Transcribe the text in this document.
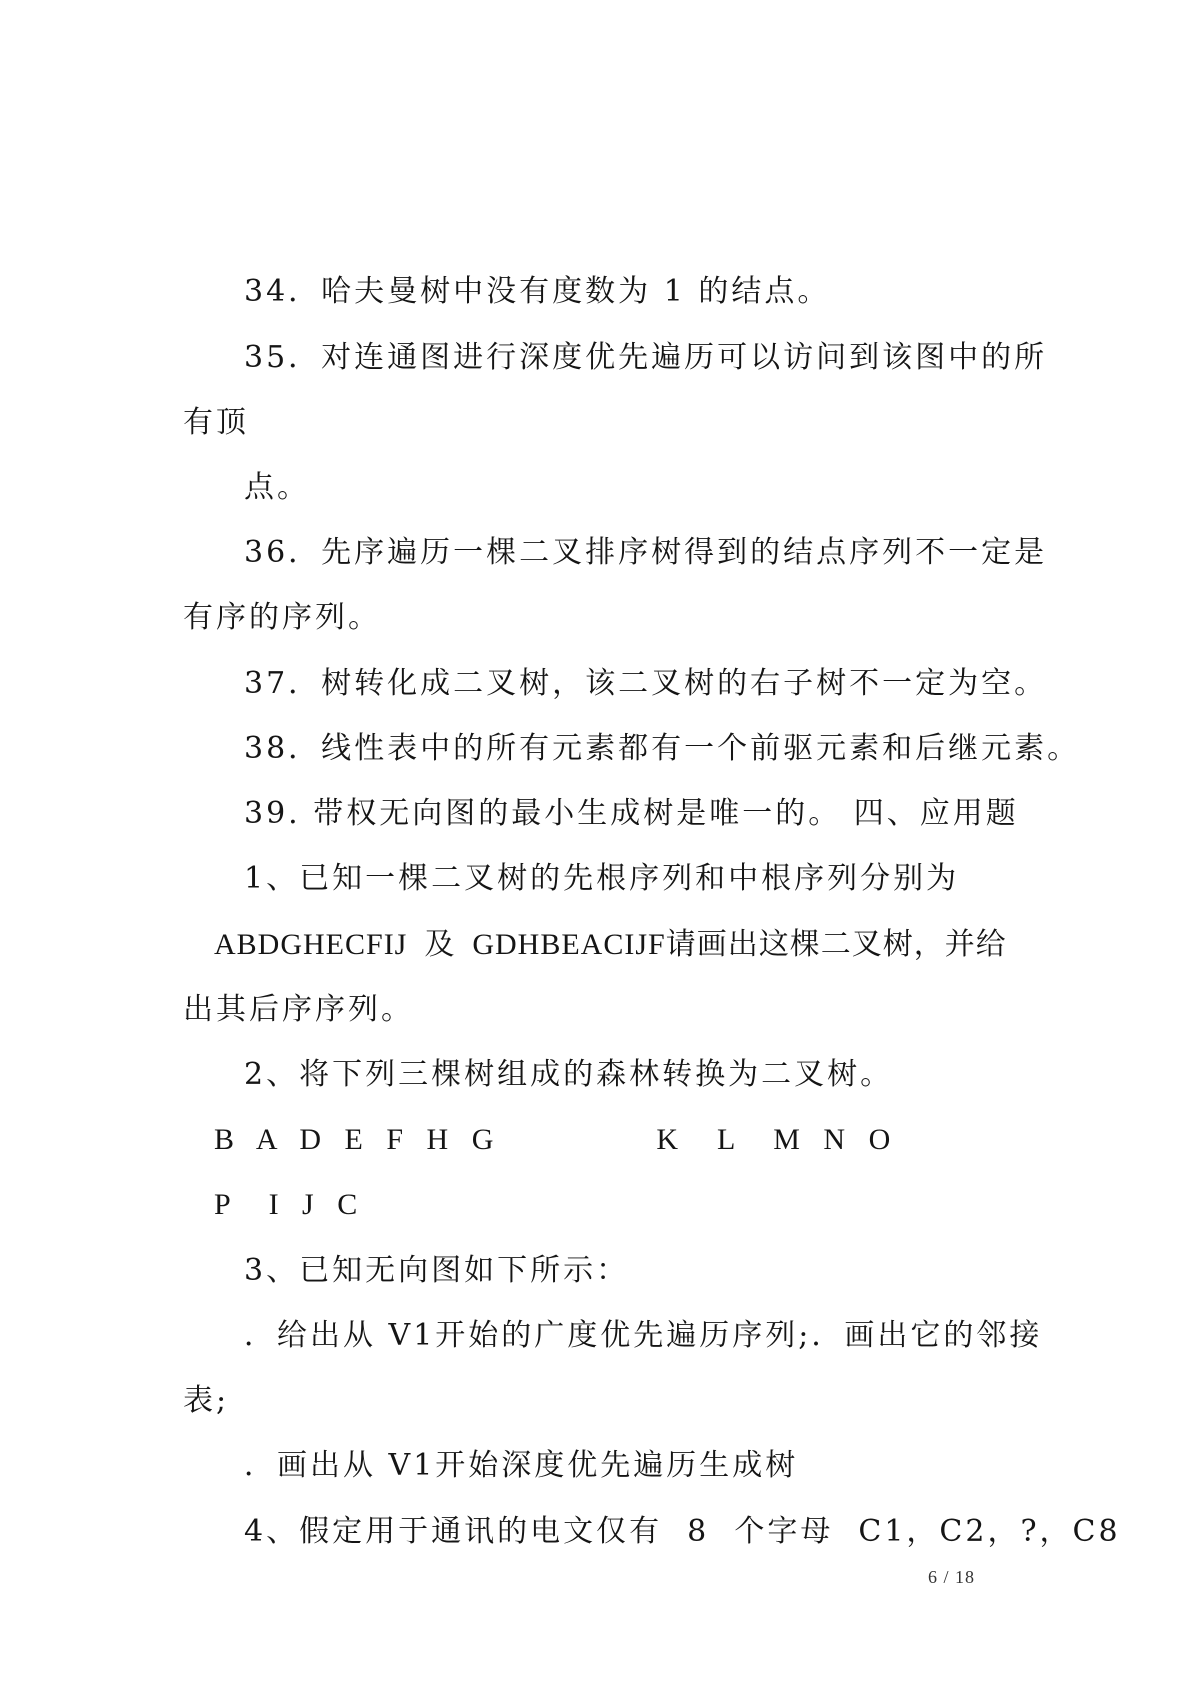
34．哈夫曼树中没有度数为 1 的结点。
35．对连通图进行深度优先遍历可以访问到该图中的所
有顶
点。
36．先序遍历一棵二叉排序树得到的结点序列不一定是
有序的序列。
37．树转化成二叉树，该二叉树的右子树不一定为空。
38．线性表中的所有元素都有一个前驱元素和后继元素。
39. 带权无向图的最小生成树是唯一的。 四、应用题
1、已知一棵二叉树的先根序列和中根序列分别为
ABDGHECFIJ  及  GDHBEACIJF请画出这棵二叉树，并给
出其后序序列。
2、将下列三棵树组成的森林转换为二叉树。
B A D E F H G          K  L  M N O
P  I J C
3、已知无向图如下所示：
．给出从 V1开始的广度优先遍历序列;．画出它的邻接
表;
．画出从 V1开始深度优先遍历生成树
4、假定用于通讯的电文仅有  8  个字母  C1，C2，?，C8
6 / 18
